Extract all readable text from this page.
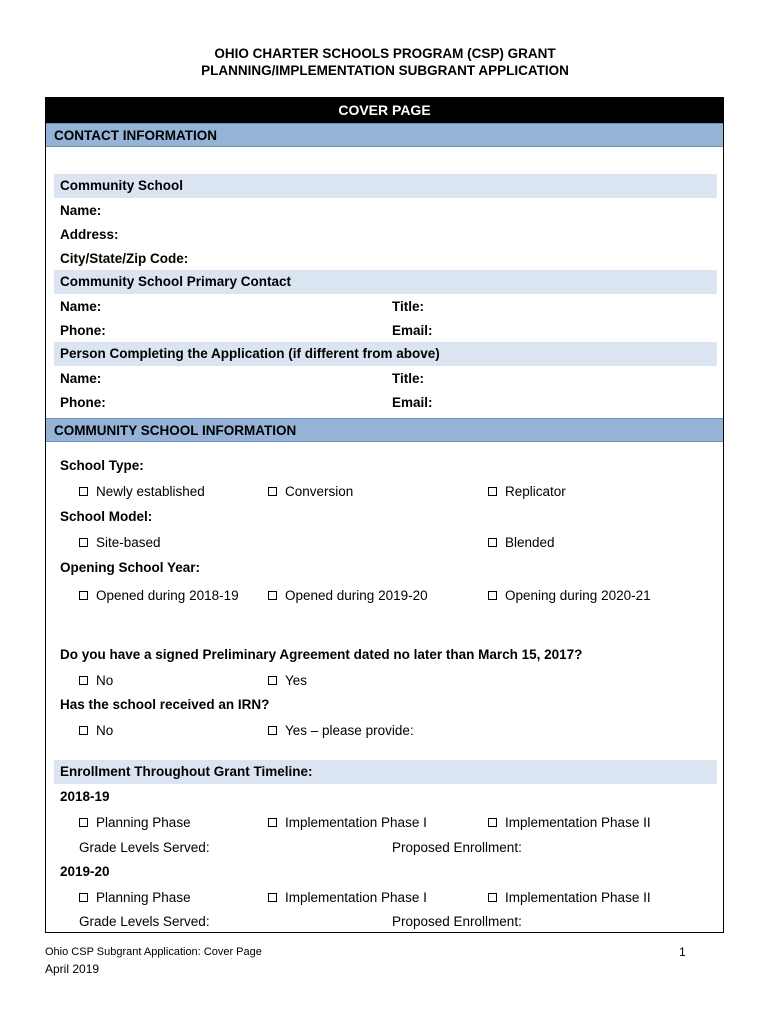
OHIO CHARTER SCHOOLS PROGRAM (CSP) GRANT
PLANNING/IMPLEMENTATION SUBGRANT APPLICATION
COVER PAGE
CONTACT INFORMATION
Community School
Name:
Address:
City/State/Zip Code:
Community School Primary Contact
Name:	Title:
Phone:	Email:
Person Completing the Application (if different from above)
Name:	Title:
Phone:	Email:
COMMUNITY SCHOOL INFORMATION
School Type:
Newly established	Conversion	Replicator
School Model:
Site-based	Blended
Opening School Year:
Opened during 2018-19	Opened during 2019-20	Opening during 2020-21
Do you have a signed Preliminary Agreement dated no later than March 15, 2017?
No	Yes
Has the school received an IRN?
No	Yes – please provide:
Enrollment Throughout Grant Timeline:
2018-19
Planning Phase	Implementation Phase I	Implementation Phase II
Grade Levels Served:	Proposed Enrollment:
2019-20
Planning Phase	Implementation Phase I	Implementation Phase II
Grade Levels Served:	Proposed Enrollment:
Ohio CSP Subgrant Application: Cover Page
April 2019
1
